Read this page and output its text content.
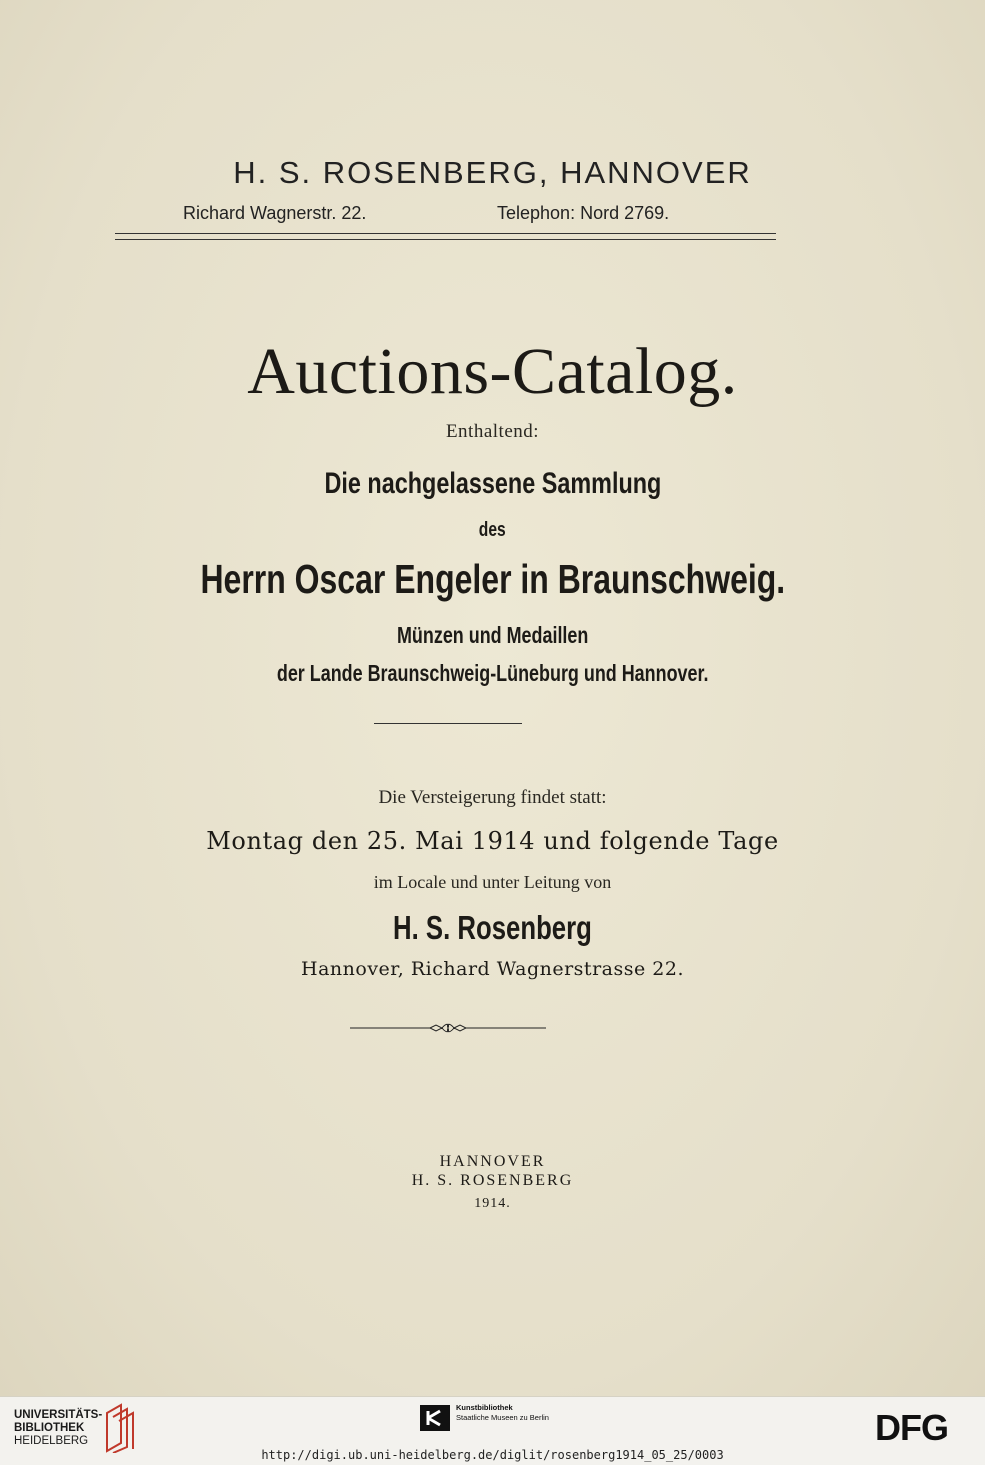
H. S. ROSENBERG, HANNOVER
Richard Wagnerstr. 22.	Telephon: Nord 2769.
Auctions-Catalog.
Enthaltend:
Die nachgelassene Sammlung
des
Herrn Oscar Engeler in Braunschweig.
Münzen und Medaillen
der Lande Braunschweig-Lüneburg und Hannover.
Die Versteigerung findet statt:
Montag den 25. Mai 1914 und folgende Tage
im Locale und unter Leitung von
H. S. Rosenberg
Hannover, Richard Wagnerstrasse 22.
HANNOVER
H. S. ROSENBERG
1914.
UNIVERSITÄTS-
BIBLIOTHEK
HEIDELBERG
Kunstbibliothek
Staatliche Museen zu Berlin	DFG
http://digi.ub.uni-heidelberg.de/diglit/rosenberg1914_05_25/0003
